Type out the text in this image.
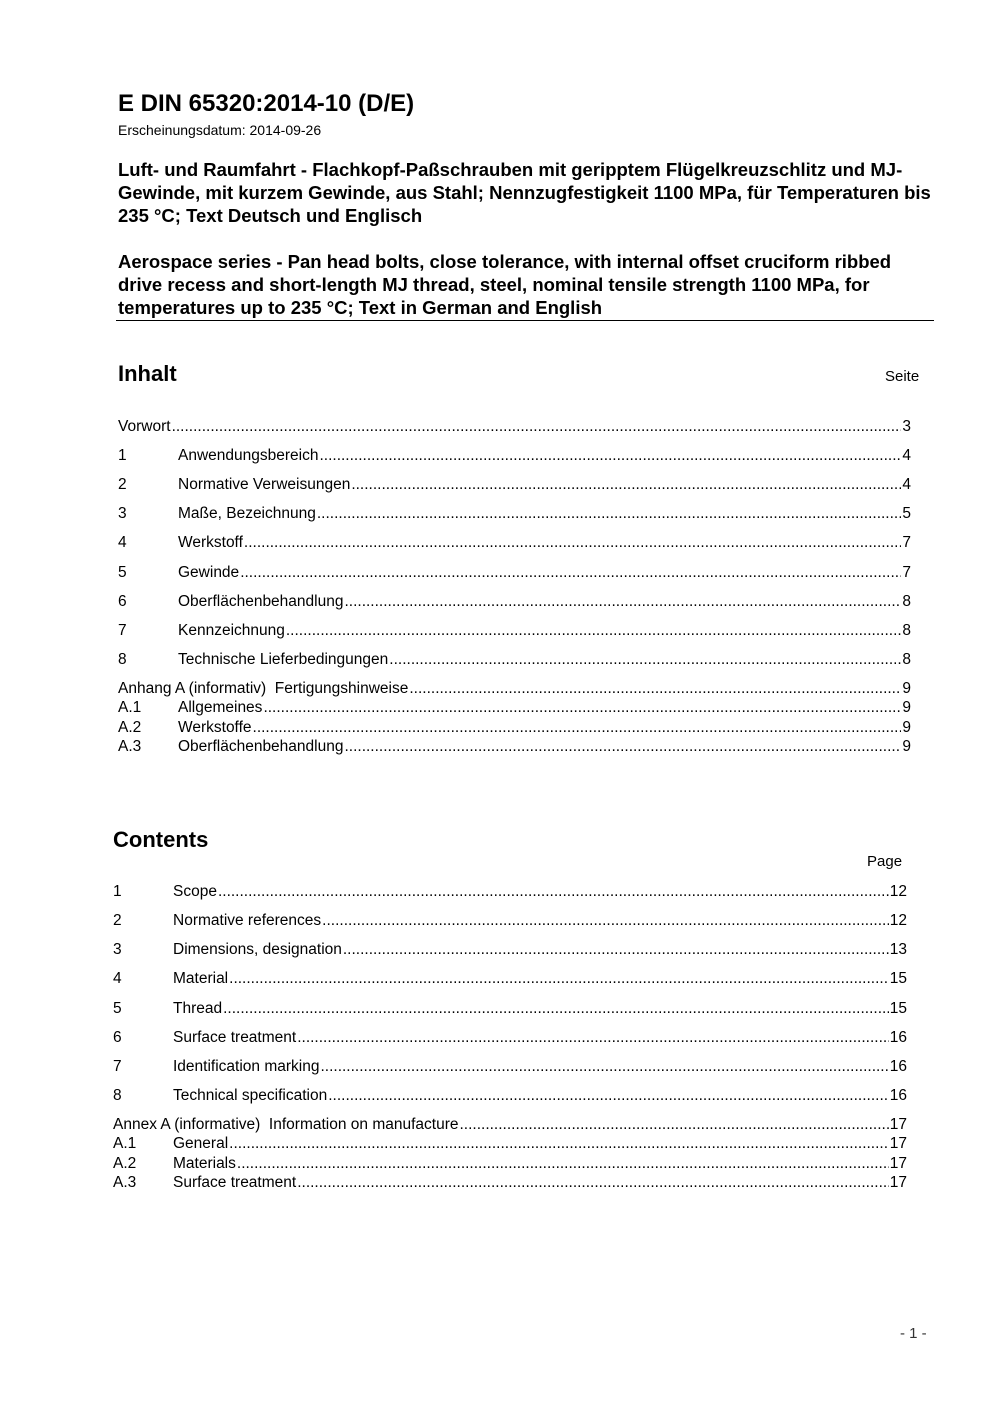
E DIN 65320:2014-10 (D/E)
Erscheinungsdatum: 2014-09-26
Luft- und Raumfahrt - Flachkopf-Paßschrauben mit geripptem Flügelkreuzschlitz und MJ-Gewinde, mit kurzem Gewinde, aus Stahl; Nennzugfestigkeit 1100 MPa, für Temperaturen bis 235 °C; Text Deutsch und Englisch
Aerospace series - Pan head bolts, close tolerance, with internal offset cruciform ribbed drive recess and short-length MJ thread, steel, nominal tensile strength 1100 MPa, for temperatures up to 235 °C; Text in German and English
Inhalt	Seite
Vorwort .....	3
1	Anwendungsbereich .....	4
2	Normative Verweisungen .....	4
3	Maße, Bezeichnung .....	5
4	Werkstoff .....	7
5	Gewinde .....	7
6	Oberflächenbehandlung .....	8
7	Kennzeichnung .....	8
8	Technische Lieferbedingungen .....	8
Anhang A (informativ)  Fertigungshinweise .....	9
A.1	Allgemeines .....	9
A.2	Werkstoffe .....	9
A.3	Oberflächenbehandlung .....	9
Contents
Page
1	Scope .....	12
2	Normative references .....	12
3	Dimensions, designation .....	13
4	Material .....	15
5	Thread .....	15
6	Surface treatment .....	16
7	Identification marking .....	16
8	Technical specification .....	16
Annex A (informative)  Information on manufacture .....	17
A.1	General .....	17
A.2	Materials .....	17
A.3	Surface treatment .....	17
- 1 -
